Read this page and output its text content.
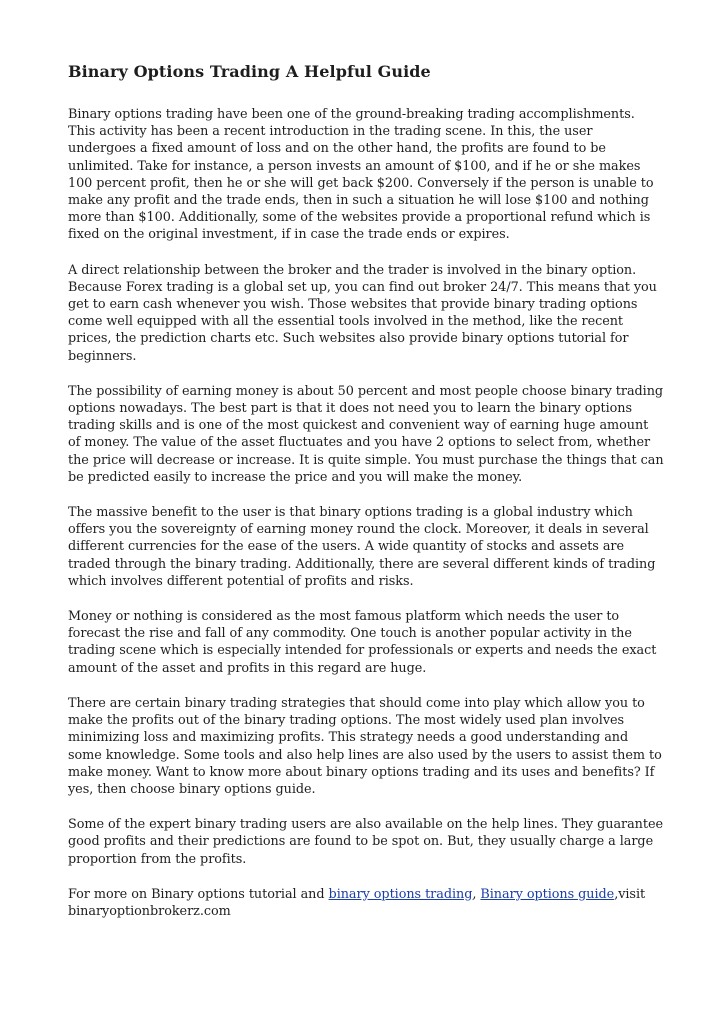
Binary Options Trading A Helpful Guide

Binary options trading have been one of the ground-breaking trading accomplishments. This activity has been a recent introduction in the trading scene. In this, the user undergoes a fixed amount of loss and on the other hand, the profits are found to be unlimited. Take for instance, a person invests an amount of $100, and if he or she makes 100 percent profit, then he or she will get back $200. Conversely if the person is unable to make any profit and the trade ends, then in such a situation he will lose $100 and nothing more than $100. Additionally, some of the websites provide a proportional refund which is fixed on the original investment, if in case the trade ends or expires.

A direct relationship between the broker and the trader is involved in the binary option. Because Forex trading is a global set up, you can find out broker 24/7. This means that you get to earn cash whenever you wish. Those websites that provide binary trading options come well equipped with all the essential tools involved in the method, like the recent prices, the prediction charts etc. Such websites also provide binary options tutorial for beginners.

The possibility of earning money is about 50 percent and most people choose binary trading options nowadays. The best part is that it does not need you to learn the binary options trading skills and is one of the most quickest and convenient way of earning huge amount of money. The value of the asset fluctuates and you have 2 options to select from, whether the price will decrease or increase. It is quite simple. You must purchase the things that can be predicted easily to increase the price and you will make the money.

The massive benefit to the user is that binary options trading is a global industry which offers you the sovereignty of earning money round the clock. Moreover, it deals in several different currencies for the ease of the users. A wide quantity of stocks and assets are traded through the binary trading. Additionally, there are several different kinds of trading which involves different potential of profits and risks.

Money or nothing is considered as the most famous platform which needs the user to forecast the rise and fall of any commodity. One touch is another popular activity in the trading scene which is especially intended for professionals or experts and needs the exact amount of the asset and profits in this regard are huge.

There are certain binary trading strategies that should come into play which allow you to make the profits out of the binary trading options. The most widely used plan involves minimizing loss and maximizing profits. This strategy needs a good understanding and some knowledge. Some tools and also help lines are also used by the users to assist them to make money. Want to know more about binary options trading and its uses and benefits? If yes, then choose binary options guide.

Some of the expert binary trading users are also available on the help lines. They guarantee good profits and their predictions are found to be spot on. But, they usually charge a large proportion from the profits.

For more on Binary options tutorial and binary options trading, Binary options guide,visit binaryoptionbrokerz.com
